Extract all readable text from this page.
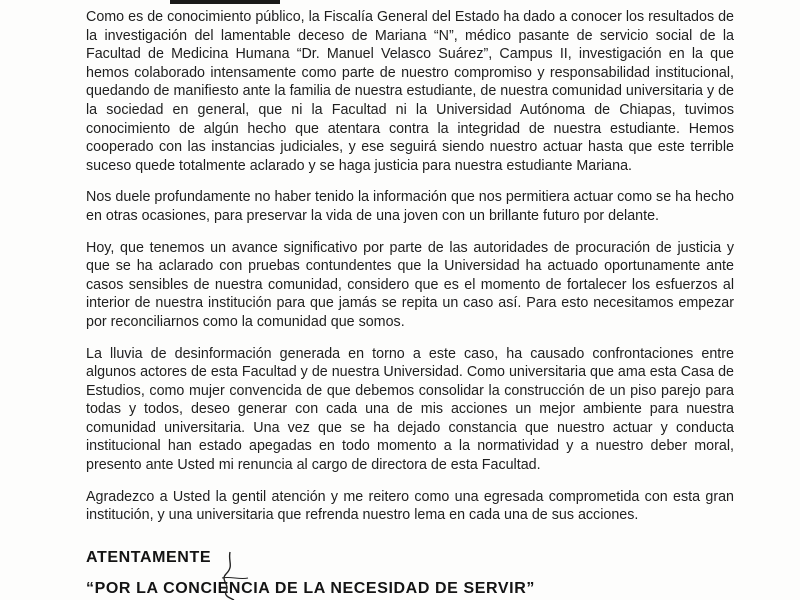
Como es de conocimiento público, la Fiscalía General del Estado ha dado a conocer los resultados de la investigación del lamentable deceso de Mariana “N”, médico pasante de servicio social de la Facultad de Medicina Humana “Dr. Manuel Velasco Suárez”, Campus II, investigación en la que hemos colaborado intensamente como parte de nuestro compromiso y responsabilidad institucional, quedando de manifiesto ante la familia de nuestra estudiante, de nuestra comunidad universitaria y de la sociedad en general, que ni la Facultad ni la Universidad Autónoma de Chiapas, tuvimos conocimiento de algún hecho que atentara contra la integridad de nuestra estudiante. Hemos cooperado con las instancias judiciales, y ese seguirá siendo nuestro actuar hasta que este terrible suceso quede totalmente aclarado y se haga justicia para nuestra estudiante Mariana.

Nos duele profundamente no haber tenido la información que nos permitiera actuar como se ha hecho en otras ocasiones, para preservar la vida de una joven con un brillante futuro por delante.

Hoy, que tenemos un avance significativo por parte de las autoridades de procuración de justicia y que se ha aclarado con pruebas contundentes que la Universidad ha actuado oportunamente ante casos sensibles de nuestra comunidad, considero que es el momento de fortalecer los esfuerzos al interior de nuestra institución para que jamás se repita un caso así. Para esto necesitamos empezar por reconciliarnos como la comunidad que somos.

La lluvia de desinformación generada en torno a este caso, ha causado confrontaciones entre algunos actores de esta Facultad y de nuestra Universidad. Como universitaria que ama esta Casa de Estudios, como mujer convencida de que debemos consolidar la construcción de un piso parejo para todas y todos, deseo generar con cada una de mis acciones un mejor ambiente para nuestra comunidad universitaria. Una vez que se ha dejado constancia que nuestro actuar y conducta institucional han estado apegadas en todo momento a la normatividad y a nuestro deber moral, presento ante Usted mi renuncia al cargo de directora de esta Facultad.

Agradezco a Usted la gentil atención y me reitero como una egresada comprometida con esta gran institución, y una universitaria que refrenda nuestro lema en cada una de sus acciones.

ATENTAMENTE
“POR LA CONCIENCIA DE LA NECESIDAD DE SERVIR”
